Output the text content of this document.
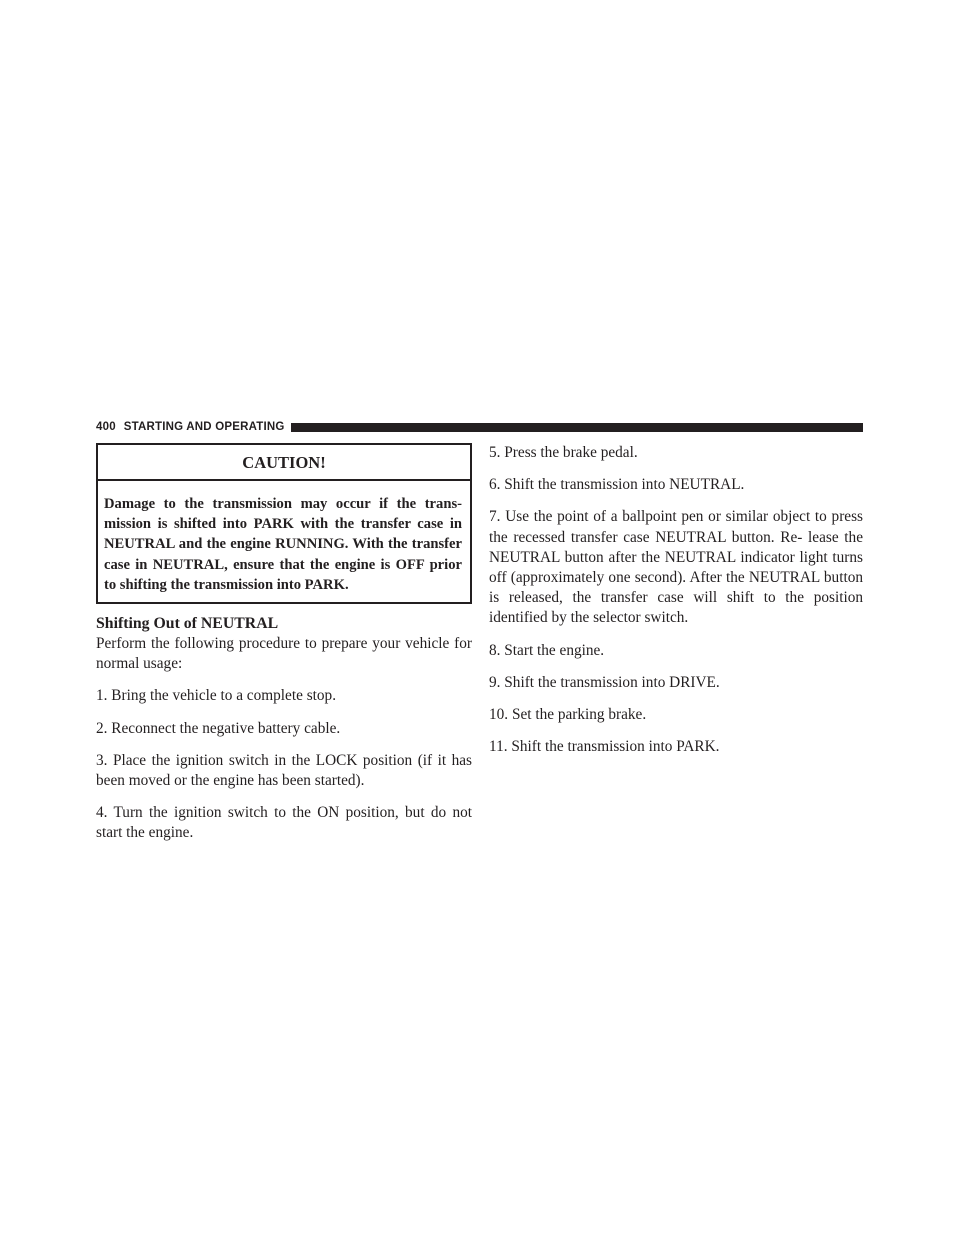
400 STARTING AND OPERATING
CAUTION!
Damage to the transmission may occur if the trans- mission is shifted into PARK with the transfer case in NEUTRAL and the engine RUNNING. With the transfer case in NEUTRAL, ensure that the engine is OFF prior to shifting the transmission into PARK.
Shifting Out of NEUTRAL

Perform the following procedure to prepare your vehicle for normal usage:

1. Bring the vehicle to a complete stop.

2. Reconnect the negative battery cable.

3. Place the ignition switch in the LOCK position (if it has been moved or the engine has been started).

4. Turn the ignition switch to the ON position, but do not start the engine.

5. Press the brake pedal.

6. Shift the transmission into NEUTRAL.

7. Use the point of a ballpoint pen or similar object to press the recessed transfer case NEUTRAL button. Re- lease the NEUTRAL button after the NEUTRAL indicator light turns off (approximately one second). After the NEUTRAL button is released, the transfer case will shift to the position identified by the selector switch.

8. Start the engine.

9. Shift the transmission into DRIVE.

10. Set the parking brake.

11. Shift the transmission into PARK.
